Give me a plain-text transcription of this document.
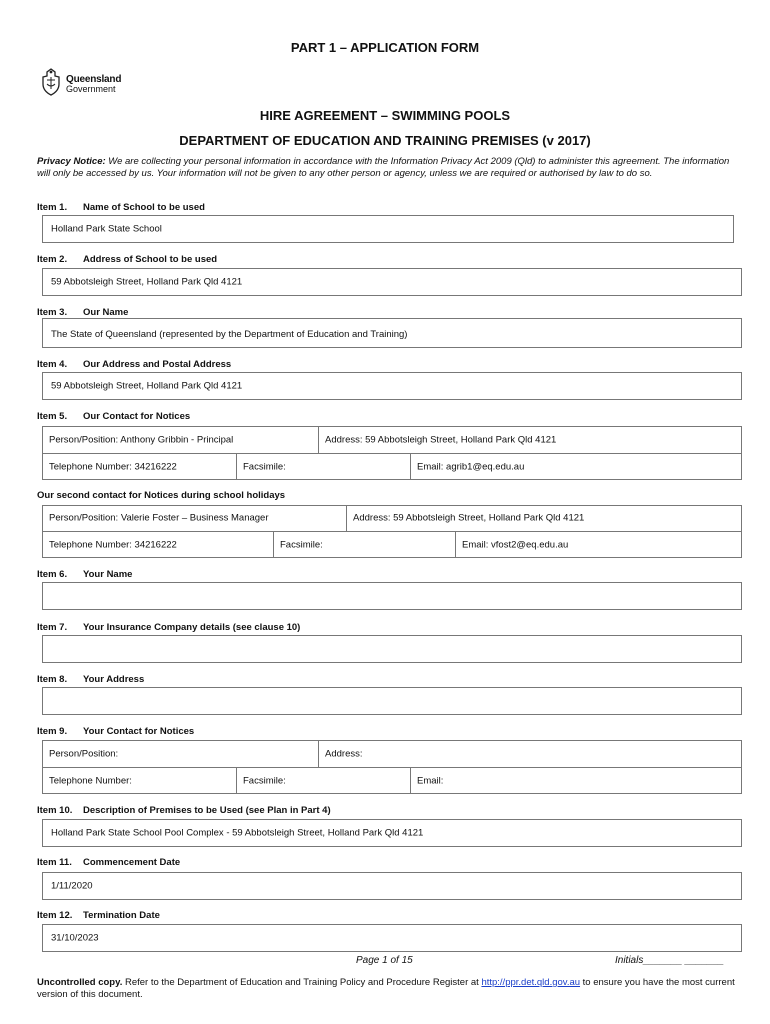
PART 1 – APPLICATION FORM
Queensland
Government
HIRE AGREEMENT – SWIMMING POOLS
DEPARTMENT OF EDUCATION AND TRAINING PREMISES (v 2017)
Privacy Notice: We are collecting your personal information in accordance with the Information Privacy Act 2009 (Qld) to administer this agreement. The information will only be accessed by us. Your information will not be given to any other person or agency, unless we are required or authorised by law to do so.
Item 1. Name of School to be used
Holland Park State School
Item 2. Address of School to be used
59 Abbotsleigh Street, Holland Park Qld 4121
Item 3. Our Name
The State of Queensland (represented by the Department of Education and Training)
Item 4. Our Address and Postal Address
59 Abbotsleigh Street, Holland Park Qld 4121
Item 5. Our Contact for Notices
Person/Position: Anthony Gribbin - Principal	Address: 59 Abbotsleigh Street, Holland Park Qld 4121
Telephone Number: 34216222	Facsimile:	Email: agrib1@eq.edu.au
Our second contact for Notices during school holidays
Person/Position: Valerie Foster – Business Manager	Address: 59 Abbotsleigh Street, Holland Park Qld 4121
Telephone Number: 34216222	Facsimile:	Email: vfost2@eq.edu.au
Item 6. Your Name
Item 7. Your Insurance Company details (see clause 10)
Item 8. Your Address
Item 9. Your Contact for Notices
Person/Position:	Address:
Telephone Number:	Facsimile:	Email:
Item 10. Description of Premises to be Used (see Plan in Part 4)
Holland Park State School Pool Complex - 59 Abbotsleigh Street, Holland Park Qld 4121
Item 11. Commencement Date
1/11/2020
Item 12. Termination Date
31/10/2023
Page 1 of 15	Initials_______ _______
Uncontrolled copy. Refer to the Department of Education and Training Policy and Procedure Register at http://ppr.det.qld.gov.au to ensure you have the most current version of this document.
